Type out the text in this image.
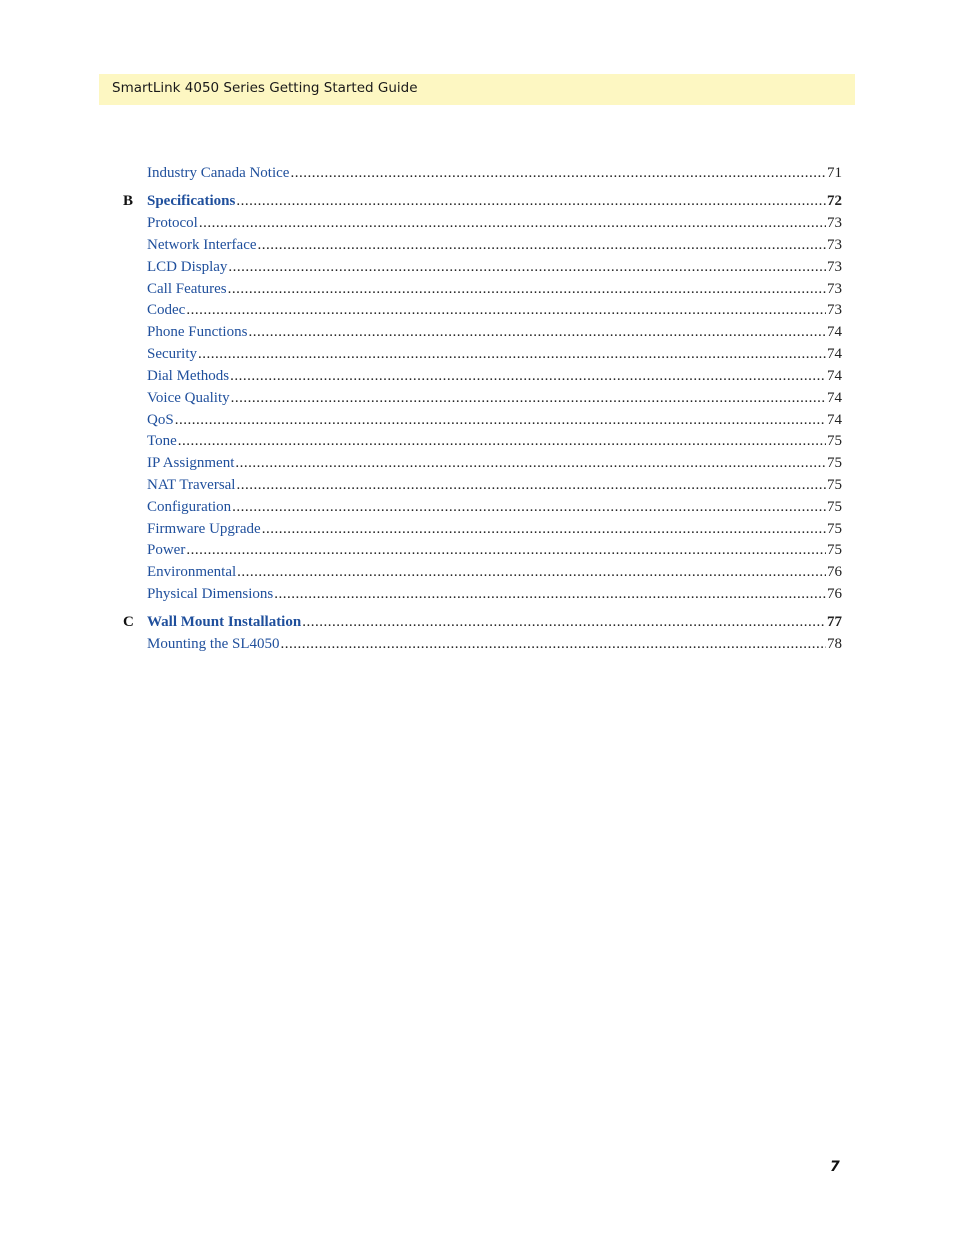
SmartLink 4050 Series Getting Started Guide
Industry Canada Notice .....	71
B Specifications .....	72
Protocol .....	73
Network Interface .....	73
LCD Display .....	73
Call Features .....	73
Codec .....	73
Phone Functions .....	74
Security .....	74
Dial Methods .....	74
Voice Quality .....	74
QoS .....	74
Tone .....	75
IP Assignment .....	75
NAT Traversal .....	75
Configuration .....	75
Firmware Upgrade .....	75
Power .....	75
Environmental .....	76
Physical Dimensions .....	76
C Wall Mount Installation .....	77
Mounting the SL4050 .....	78
7
